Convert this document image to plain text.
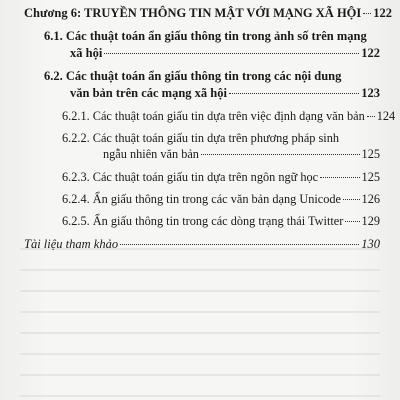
Chương 6: TRUYỀN THÔNG TIN MẬT VỚI MẠNG XÃ HỘI 122
6.1. Các thuật toán ẩn giấu thông tin trong ảnh số trên mạng
xã hội	122
6.2. Các thuật toán ẩn giấu thông tin trong các nội dung
văn bản trên các mạng xã hội	123
6.2.1. Các thuật toán giấu tin dựa trên việc định dạng văn bản 124
6.2.2. Các thuật toán giấu tin dựa trên phương pháp sinh
ngẫu nhiên văn bản	125
6.2.3. Các thuật toán giấu tin dựa trên ngôn ngữ học	125
6.2.4. Ẩn giấu thông tin trong các văn bản dạng Unicode 126
6.2.5. Ẩn giấu thông tin trong các dòng trạng thái Twitter 129
Tài liệu tham khảo	130
